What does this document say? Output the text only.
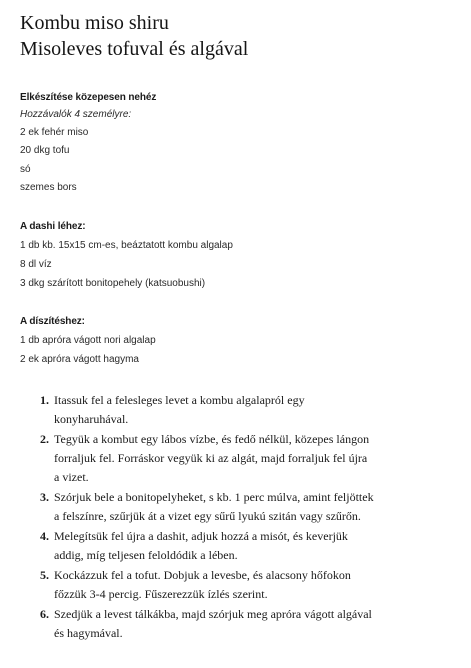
Kombu miso shiru
Misoleves tofuval és algával
Elkészítése közepesen nehéz
Hozzávalók 4 személyre:
2 ek fehér miso
20 dkg tofu
só
szemes bors
A dashi léhez:
1 db kb. 15x15 cm-es, beáztatott kombu algalap
8 dl víz
3 dkg szárított bonitopehely (katsuobushi)
A díszítéshez:
1 db apróra vágott nori algalap
2 ek apróra vágott hagyma
1. Itassuk fel a felesleges levet a kombu algalapról egy
konyharuhával.
2. Tegyük a kombut egy lábos vízbe, és fedő nélkül, közepes lángon
forraljuk fel. Forráskor vegyük ki az algát, majd forraljuk fel újra
a vizet.
3. Szórjuk bele a bonitopelyheket, s kb. 1 perc múlva, amint feljöttek
a felszínre, szűrjük át a vizet egy sűrű lyukú szitán vagy szűrőn.
4. Melegítsük fel újra a dashit, adjuk hozzá a misót, és keverjük
addig, míg teljesen feloldódik a lében.
5. Kockázzuk fel a tofut. Dobjuk a levesbe, és alacsony hőfokon
főzzük 3-4 percig. Fűszerezzük ízlés szerint.
6. Szedjük a levest tálkákba, majd szórjuk meg apróra vágott algával
és hagymával.
